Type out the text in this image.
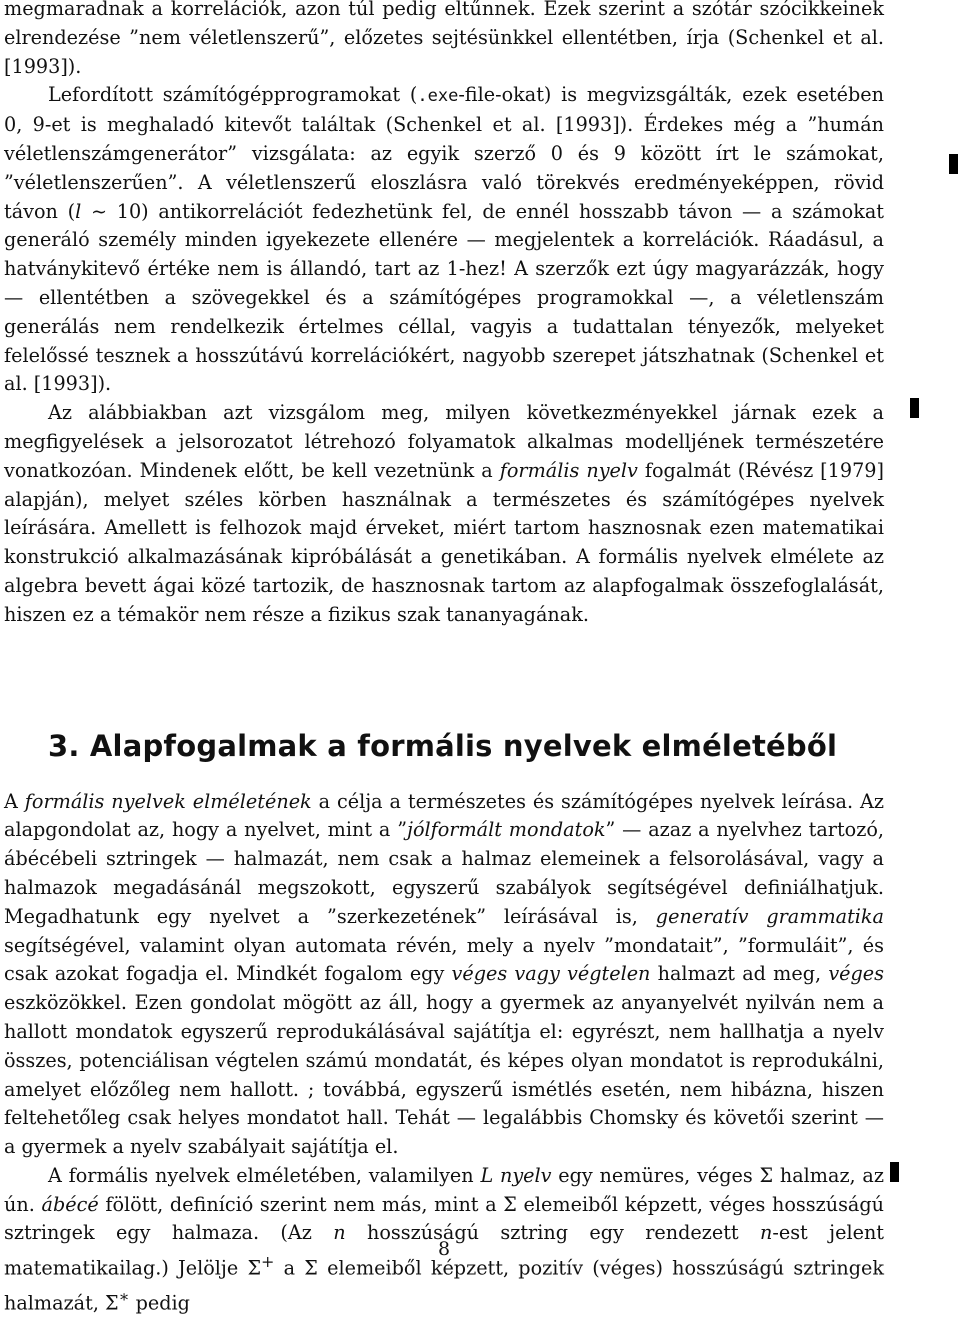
megmaradnak a korrelációk, azon túl pedig eltűnnek. Ezek szerint a szótár szócikkeinek elrendezése ”nem véletlenszerű”, előzetes sejtésünkkel ellentétben, írja (Schenkel et al. [1993]).

Lefordított számítógépprogramokat (.exe-file-okat) is megvizsgálták, ezek esetében 0, 9-et is meghaladó kitevőt találtak (Schenkel et al. [1993]). Érdekes még a ”humán véletlenszámgenerátor” vizsgálata: az egyik szerző 0 és 9 között írt le számokat, ”véletlenszerűen”. A véletlenszerű eloszlásra való törekvés eredményeképpen, rövid távon (l ∼ 10) antikorrelációt fedezhetünk fel, de ennél hosszabb távon — a számokat generáló személy minden igyekezete ellenére — megjelentek a korrelációk. Ráadásul, a hatványkitevő értéke nem is állandó, tart az 1-hez! A szerzők ezt úgy magyarázzák, hogy — ellentétben a szövegekkel és a számítógépes programokkal —, a véletlenszám generálás nem rendelkezik értelmes céllal, vagyis a tudattalan tényezők, melyeket felelőssé tesznek a hosszútávú korrelációkért, nagyobb szerepet játszhatnak (Schenkel et al. [1993]).

Az alábbiakban azt vizsgálom meg, milyen következményekkel járnak ezek a megfigyelések a jelsorozatot létrehozó folyamatok alkalmas modelljének természetére vonatkozóan. Mindenek előtt, be kell vezetnünk a formális nyelv fogalmát (Révész [1979] alapján), melyet széles körben használnak a természetes és számítógépes nyelvek leírására. Amellett is felhozok majd érveket, miért tartom hasznosnak ezen matematikai konstrukció alkalmazásának kipróbálását a genetikában. A formális nyelvek elmélete az algebra bevett ágai közé tartozik, de hasznosnak tartom az alapfogalmak összefoglalását, hiszen ez a témakör nem része a fizikus szak tananyagának.

3. Alapfogalmak a formális nyelvek elméletéből

A formális nyelvek elméletének a célja a természetes és számítógépes nyelvek leírása. Az alapgondolat az, hogy a nyelvet, mint a ”jólformált mondatok” — azaz a nyelvhez tartozó, ábécébeli sztringek — halmazát, nem csak a halmaz elemeinek a felsorolásával, vagy a halmazok megadásánál megszokott, egyszerű szabályok segítségével definiálhatjuk. Megadhatunk egy nyelvet a ”szerkezetének” leírásával is, generatív grammatika segítségével, valamint olyan automata révén, mely a nyelv ”mondatait”, ”formuláit”, és csak azokat fogadja el. Mindkét fogalom egy véges vagy végtelen halmazt ad meg, véges eszközökkel. Ezen gondolat mögött az áll, hogy a gyermek az anyanyelvét nyilván nem a hallott mondatok egyszerű reprodukálásával sajátítja el: egyrészt, nem hallhatja a nyelv összes, potenciálisan végtelen számú mondatát, és képes olyan mondatot is reprodukálni, amelyet előzőleg nem hallott. ; továbbá, egyszerű ismétlés esetén, nem hibázna, hiszen feltehetőleg csak helyes mondatot hall. Tehát — legalábbis Chomsky és követői szerint — a gyermek a nyelv szabályait sajátítja el.

A formális nyelvek elméletében, valamilyen L nyelv egy nemüres, véges Σ halmaz, az ún. ábécé fölött, definíció szerint nem más, mint a Σ elemeiből képzett, véges hosszúságú sztringek egy halmaza. (Az n hosszúságú sztring egy rendezett n-est jelent matematikailag.) Jelölje Σ+ a Σ elemeiből képzett, pozitív (véges) hosszúságú sztringek halmazát, Σ∗ pedig

8
